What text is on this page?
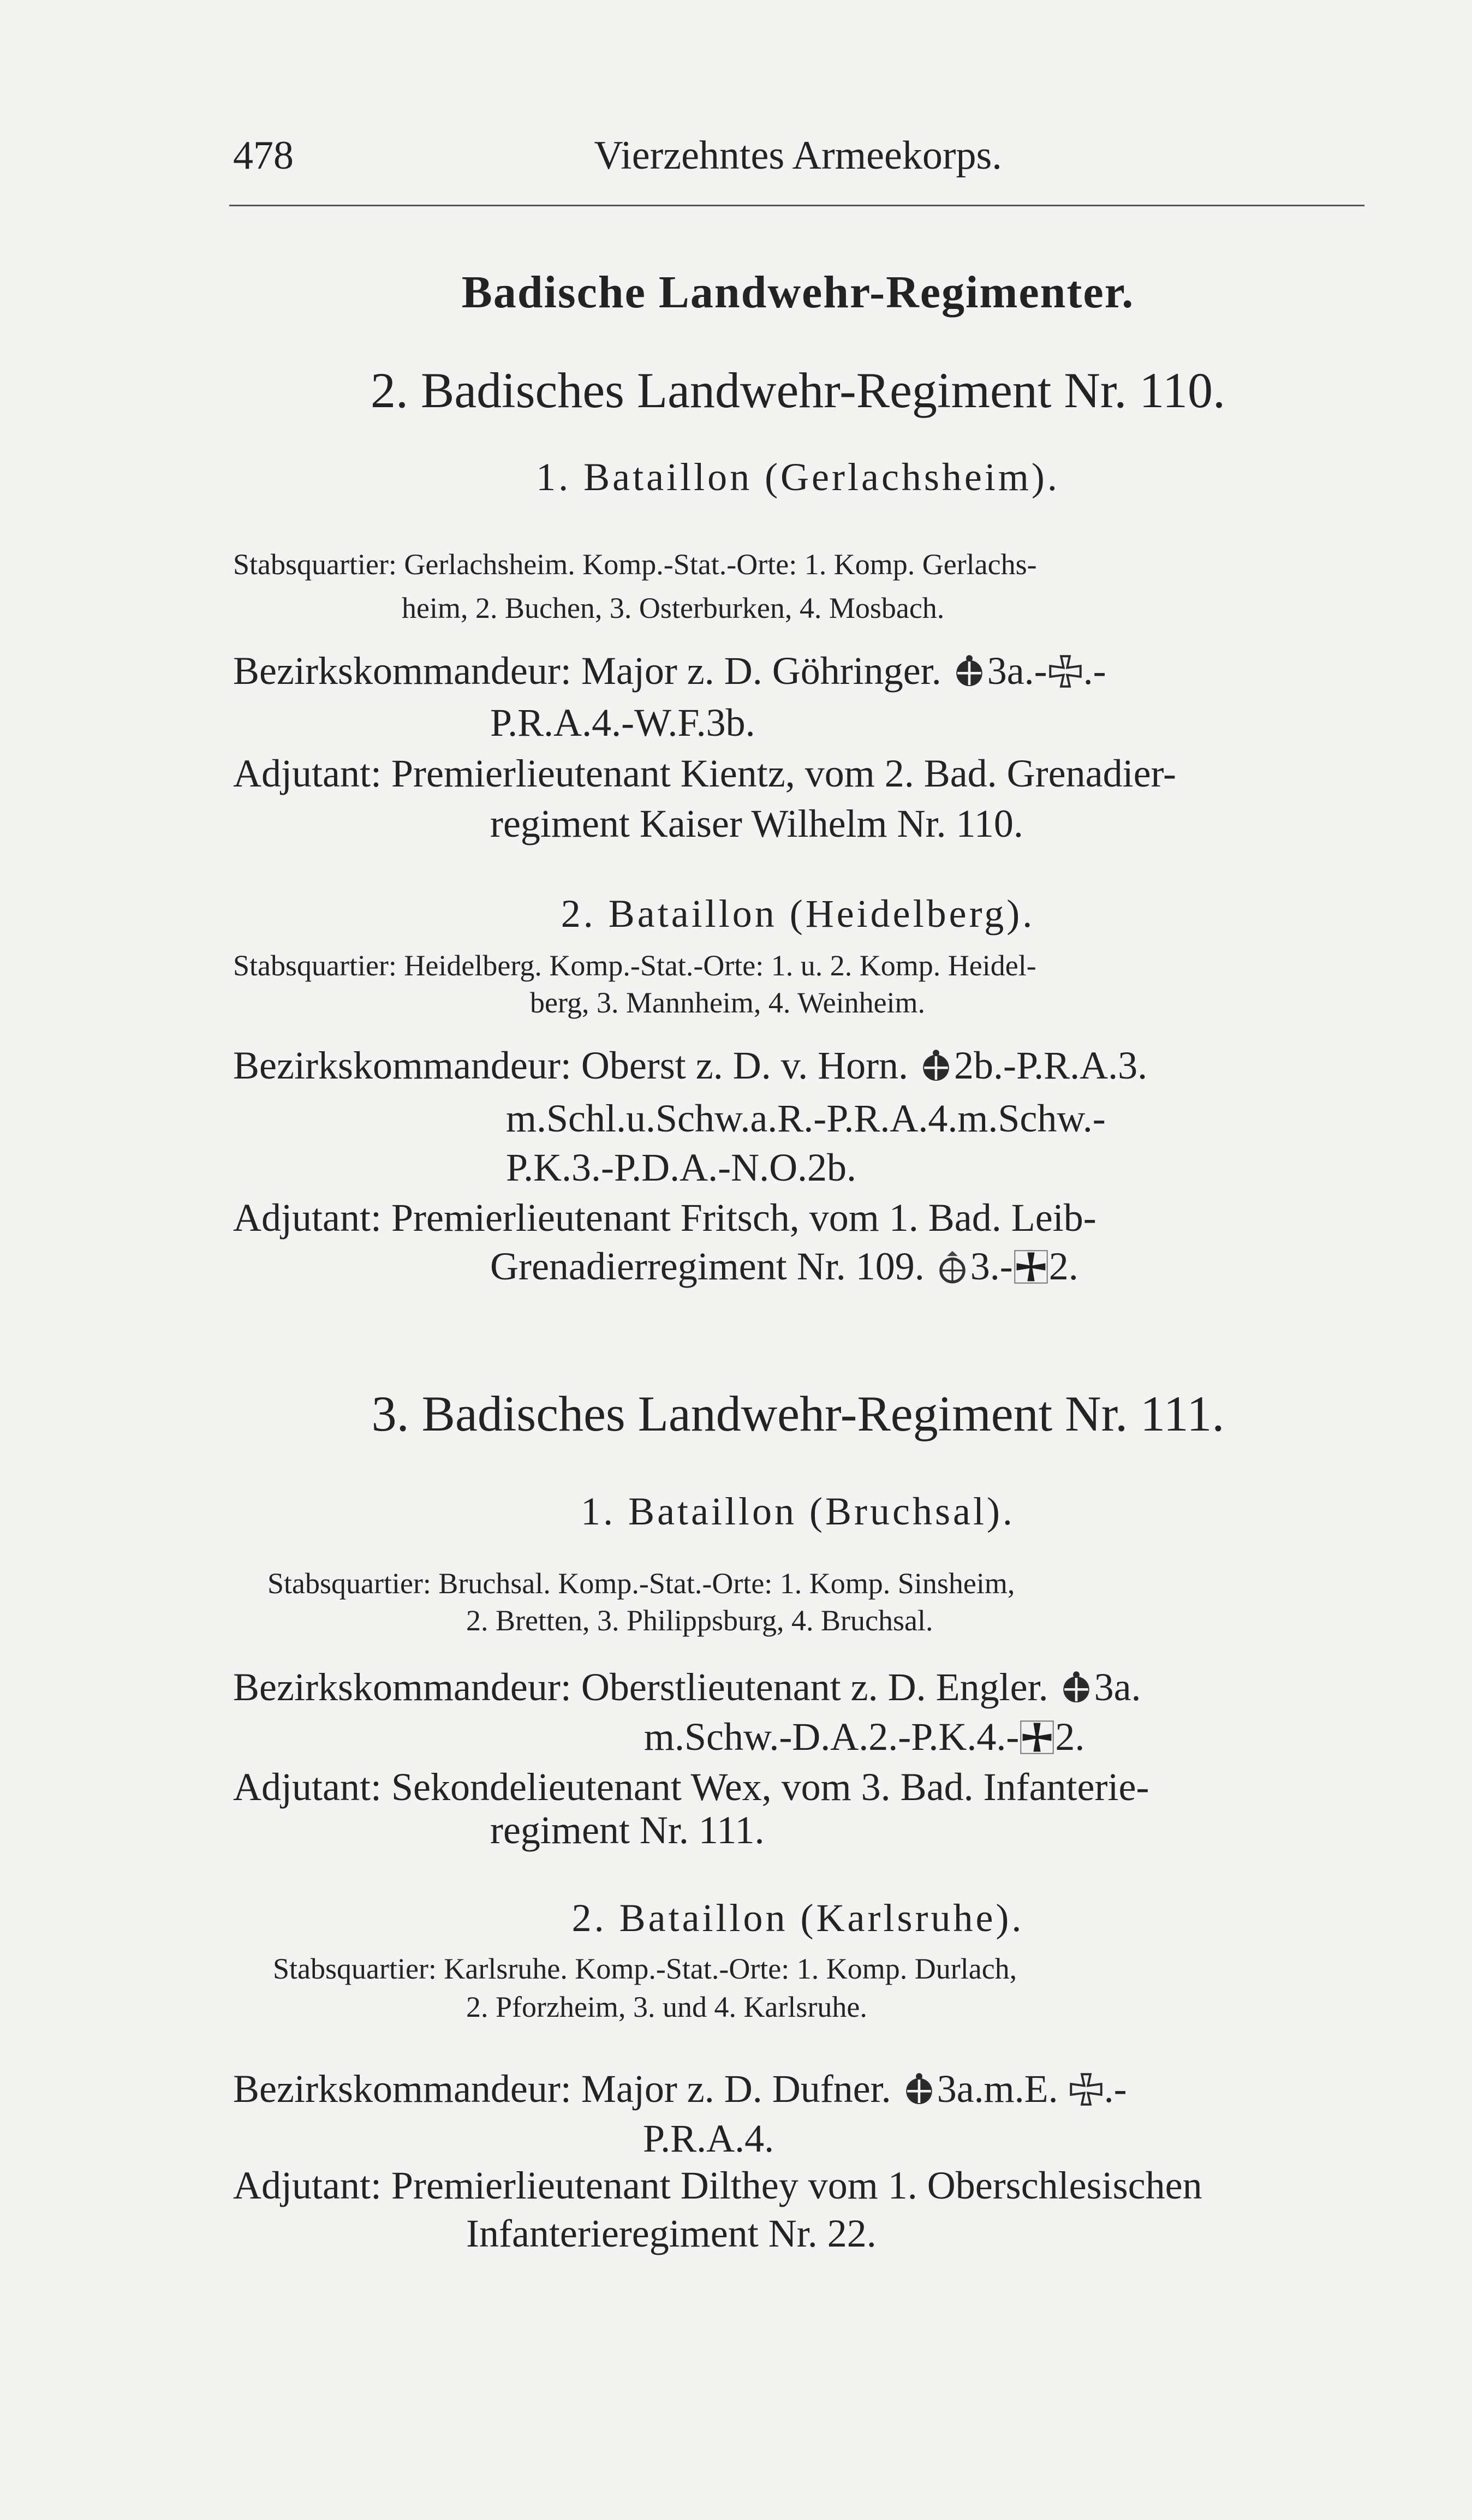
478	Vierzehntes Armeekorps.
Badische Landwehr-Regimenter.
2. Badisches Landwehr-Regiment Nr. 110.
1. Bataillon (Gerlachsheim).
Stabsquartier: Gerlachsheim. Komp.-Stat.-Orte: 1. Komp. Gerlachs-
heim, 2. Buchen, 3. Osterburken, 4. Mosbach.
Bezirkskommandeur: Major z. D. Göhringer. 3a.- .-
P.R.A.4.-W.F.3b.
Adjutant: Premierlieutenant Kientz, vom 2. Bad. Grenadier-
regiment Kaiser Wilhelm Nr. 110.
2. Bataillon (Heidelberg).
Stabsquartier: Heidelberg. Komp.-Stat.-Orte: 1. u. 2. Komp. Heidel-
berg, 3. Mannheim, 4. Weinheim.
Bezirkskommandeur: Oberst z. D. v. Horn. 2b.-P.R.A.3.
m.Schl.u.Schw.a.R.-P.R.A.4.m.Schw.-
P.K.3.-P.D.A.-N.O.2b.
Adjutant: Premierlieutenant Fritsch, vom 1. Bad. Leib-
Grenadierregiment Nr. 109. 3.- 2.
3. Badisches Landwehr-Regiment Nr. 111.
1. Bataillon (Bruchsal).
Stabsquartier: Bruchsal. Komp.-Stat.-Orte: 1. Komp. Sinsheim,
2. Bretten, 3. Philippsburg, 4. Bruchsal.
Bezirkskommandeur: Oberstlieutenant z. D. Engler. 3a.
m.Schw.-D.A.2.-P.K.4.- 2.
Adjutant: Sekondelieutenant Wex, vom 3. Bad. Infanterie-
regiment Nr. 111.
2. Bataillon (Karlsruhe).
Stabsquartier: Karlsruhe. Komp.-Stat.-Orte: 1. Komp. Durlach,
2. Pforzheim, 3. und 4. Karlsruhe.
Bezirkskommandeur: Major z. D. Dufner. 3a.m.E. .-
P.R.A.4.
Adjutant: Premierlieutenant Dilthey vom 1. Oberschlesischen
Infanterieregiment Nr. 22.
